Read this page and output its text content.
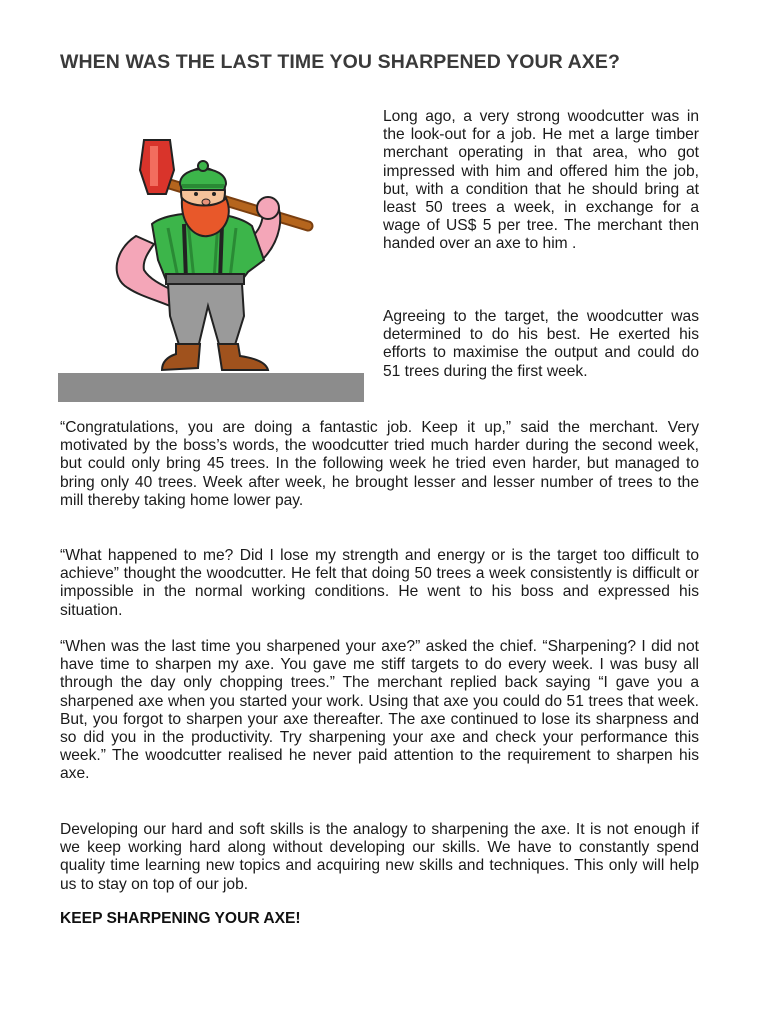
WHEN WAS THE LAST TIME YOU SHARPENED YOUR AXE?

Long ago, a very strong woodcutter was in the look-out for a job. He met a large timber merchant operating in that area, who got impressed with him and offered him the job, but, with a condition that he should bring at least 50 trees a week, in exchange for a wage of US$ 5 per tree. The merchant then handed over an axe to him .

Agreeing to the target, the woodcutter was determined to do his best. He exerted his efforts to maximise the output and could do 51 trees during the first week.

“Congratulations, you are doing a fantastic job. Keep it up,” said the merchant. Very motivated by the boss’s words, the woodcutter tried much harder during the second week, but could only bring 45 trees. In the following week he tried even harder, but managed to bring only 40 trees. Week after week, he brought lesser and lesser number of trees to the mill thereby taking home lower pay.

“What happened to me? Did I lose my strength and energy or is the target too difficult to achieve” thought the woodcutter. He felt that doing 50 trees a week consistently is difficult or impossible in the normal working conditions. He went to his boss and expressed his situation.

“When was the last time you sharpened your axe?” asked the chief. “Sharpening? I did not have time to sharpen my axe. You gave me stiff targets to do every week. I was busy all through the day only chopping trees.” The merchant replied back saying “I gave you a sharpened axe when you started your work. Using that axe you could do 51 trees that week. But, you forgot to sharpen your axe thereafter. The axe continued to lose its sharpness and so did you in the productivity. Try sharpening your axe and check your performance this week.” The woodcutter realised he never paid attention to the requirement to sharpen his axe.

Developing our hard and soft skills is the analogy to sharpening the axe. It is not enough if we keep working hard along without developing our skills. We have to constantly spend quality time learning new topics and acquiring new skills and techniques. This only will help us to stay on top of our job.

KEEP SHARPENING YOUR AXE!
